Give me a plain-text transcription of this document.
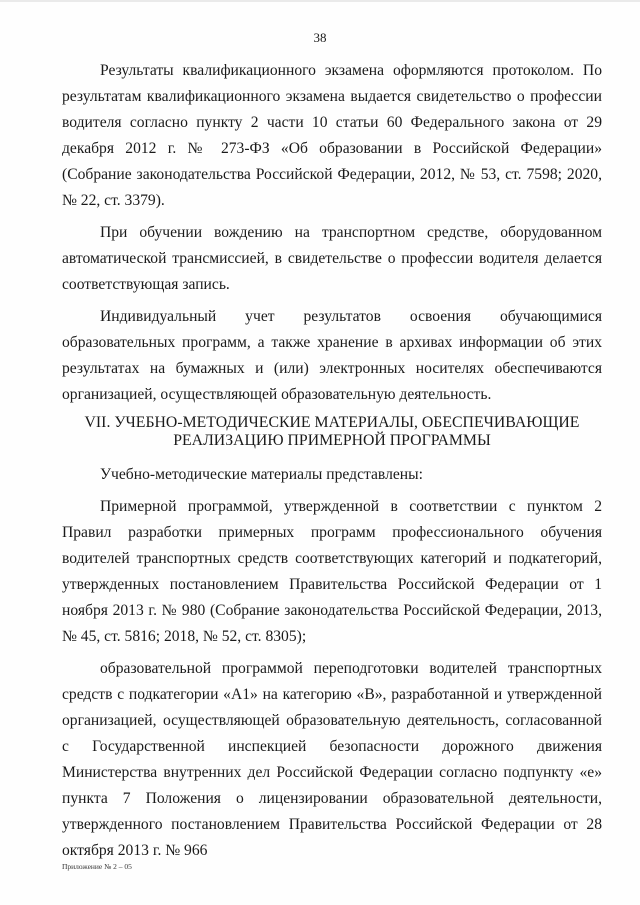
38

Результаты квалификационного экзамена оформляются протоколом. По результатам квалификационного экзамена выдается свидетельство о профессии водителя согласно пункту 2 части 10 статьи 60 Федерального закона от 29 декабря 2012 г. № 273-ФЗ «Об образовании в Российской Федерации» (Собрание законодательства Российской Федерации, 2012, № 53, ст. 7598; 2020, № 22, ст. 3379).

При обучении вождению на транспортном средстве, оборудованном автоматической трансмиссией, в свидетельстве о профессии водителя делается соответствующая запись.

Индивидуальный учет результатов освоения обучающимися образовательных программ, а также хранение в архивах информации об этих результатах на бумажных и (или) электронных носителях обеспечиваются организацией, осуществляющей образовательную деятельность.

VII. УЧЕБНО-МЕТОДИЧЕСКИЕ МАТЕРИАЛЫ, ОБЕСПЕЧИВАЮЩИЕ
РЕАЛИЗАЦИЮ ПРИМЕРНОЙ ПРОГРАММЫ

Учебно-методические материалы представлены:

Примерной программой, утвержденной в соответствии с пунктом 2 Правил разработки примерных программ профессионального обучения водителей транспортных средств соответствующих категорий и подкатегорий, утвержденных постановлением Правительства Российской Федерации от 1 ноября 2013 г. № 980 (Собрание законодательства Российской Федерации, 2013, № 45, ст. 5816; 2018, № 52, ст. 8305);

образовательной программой переподготовки водителей транспортных средств с подкатегории «A1» на категорию «B», разработанной и утвержденной организацией, осуществляющей образовательную деятельность, согласованной с Государственной инспекцией безопасности дорожного движения Министерства внутренних дел Российской Федерации согласно подпункту «е» пункта 7 Положения о лицензировании образовательной деятельности, утвержденного постановлением Правительства Российской Федерации от 28 октября 2013 г. № 966

Приложение № 2 – 05
